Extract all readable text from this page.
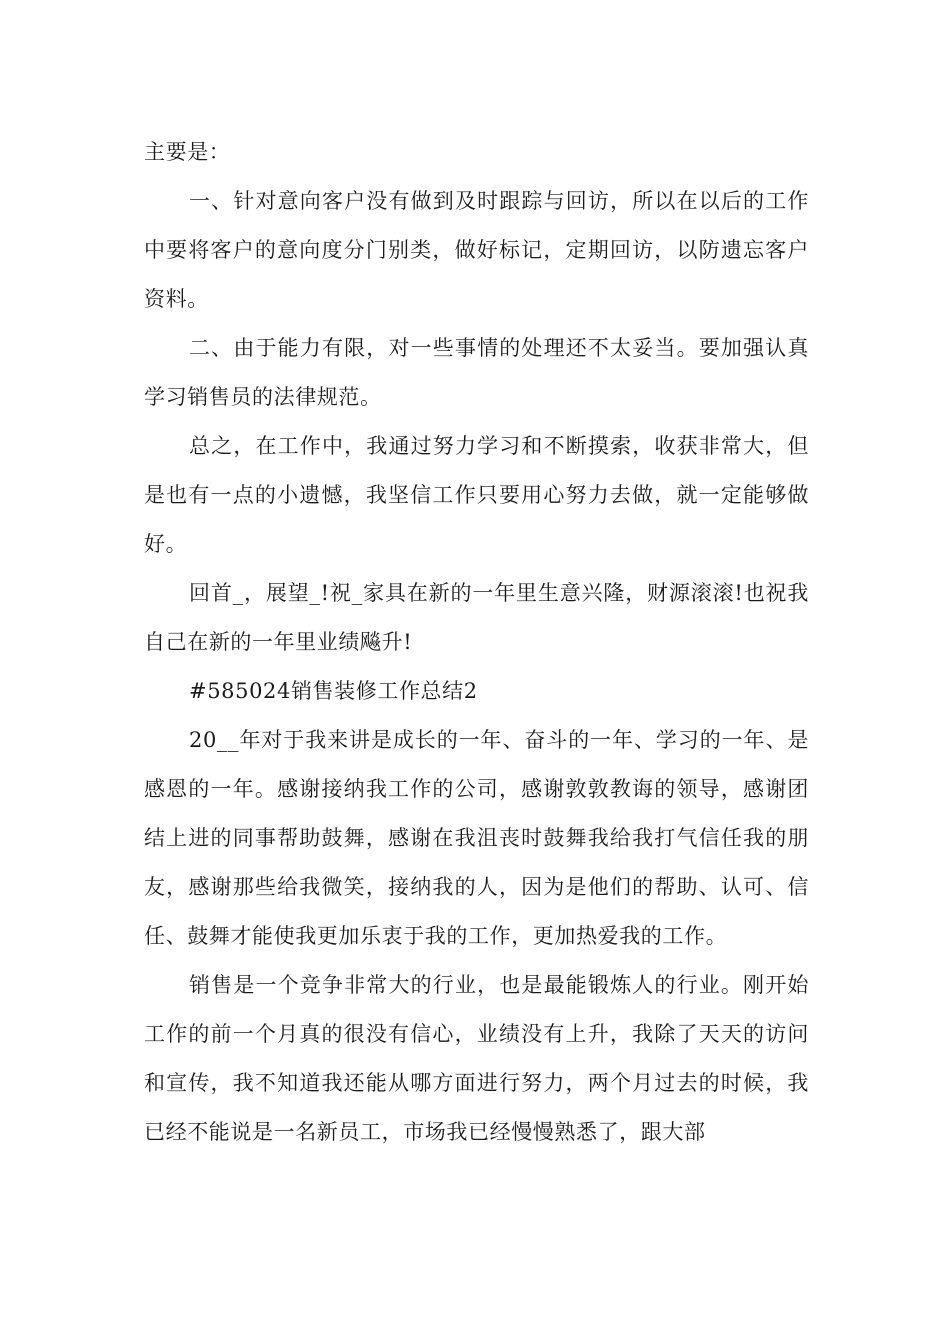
主要是：

一、针对意向客户没有做到及时跟踪与回访，所以在以后的工作中要将客户的意向度分门别类，做好标记，定期回访，以防遗忘客户资料。

二、由于能力有限，对一些事情的处理还不太妥当。要加强认真学习销售员的法律规范。

总之，在工作中，我通过努力学习和不断摸索，收获非常大，但是也有一点的小遗憾，我坚信工作只要用心努力去做，就一定能够做好。

回首_，展望_!祝_家具在新的一年里生意兴隆，财源滚滚!也祝我自己在新的一年里业绩飚升!

#585024销售装修工作总结2

20__年对于我来讲是成长的一年、奋斗的一年、学习的一年、是感恩的一年。感谢接纳我工作的公司，感谢敦敦教诲的领导，感谢团结上进的同事帮助鼓舞，感谢在我沮丧时鼓舞我给我打气信任我的朋友，感谢那些给我微笑，接纳我的人，因为是他们的帮助、认可、信任、鼓舞才能使我更加乐衷于我的工作，更加热爱我的工作。

销售是一个竞争非常大的行业，也是最能锻炼人的行业。刚开始工作的前一个月真的很没有信心，业绩没有上升，我除了天天的访问和宣传，我不知道我还能从哪方面进行努力，两个月过去的时候，我已经不能说是一名新员工，市场我已经慢慢熟悉了，跟大部
